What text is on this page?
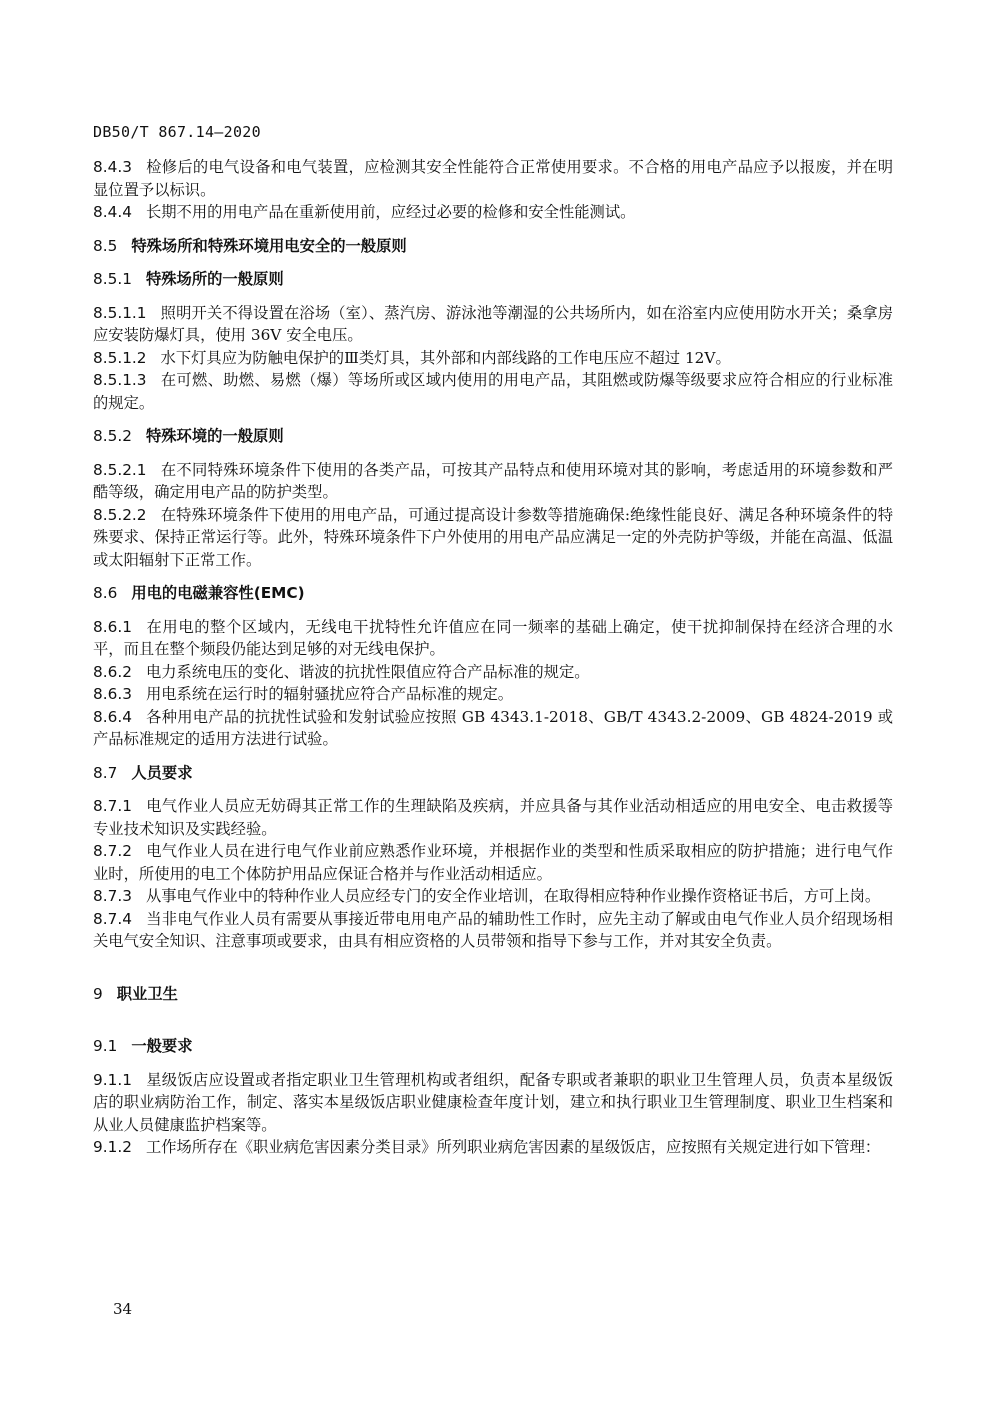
DB50/T 867.14—2020

8.4.3 检修后的电气设备和电气装置，应检测其安全性能符合正常使用要求。不合格的用电产品应予以报废，并在明显位置予以标识。

8.4.4 长期不用的用电产品在重新使用前，应经过必要的检修和安全性能测试。

8.5 特殊场所和特殊环境用电安全的一般原则

8.5.1 特殊场所的一般原则

8.5.1.1 照明开关不得设置在浴场（室）、蒸汽房、游泳池等潮湿的公共场所内，如在浴室内应使用防水开关；桑拿房应安装防爆灯具，使用 36V 安全电压。

8.5.1.2 水下灯具应为防触电保护的Ⅲ类灯具，其外部和内部线路的工作电压应不超过 12V。

8.5.1.3 在可燃、助燃、易燃（爆）等场所或区域内使用的用电产品，其阻燃或防爆等级要求应符合相应的行业标准的规定。

8.5.2 特殊环境的一般原则

8.5.2.1 在不同特殊环境条件下使用的各类产品，可按其产品特点和使用环境对其的影响，考虑适用的环境参数和严酷等级，确定用电产品的防护类型。

8.5.2.2 在特殊环境条件下使用的用电产品，可通过提高设计参数等措施确保:绝缘性能良好、满足各种环境条件的特殊要求、保持正常运行等。此外，特殊环境条件下户外使用的用电产品应满足一定的外壳防护等级，并能在高温、低温或太阳辐射下正常工作。

8.6 用电的电磁兼容性(EMC)

8.6.1 在用电的整个区域内，无线电干扰特性允许值应在同一频率的基础上确定，使干扰抑制保持在经济合理的水平，而且在整个频段仍能达到足够的对无线电保护。

8.6.2 电力系统电压的变化、谐波的抗扰性限值应符合产品标准的规定。

8.6.3 用电系统在运行时的辐射骚扰应符合产品标准的规定。

8.6.4 各种用电产品的抗扰性试验和发射试验应按照 GB 4343.1-2018、GB/T 4343.2-2009、GB 4824-2019 或产品标准规定的适用方法进行试验。

8.7 人员要求

8.7.1 电气作业人员应无妨碍其正常工作的生理缺陷及疾病，并应具备与其作业活动相适应的用电安全、电击救援等专业技术知识及实践经验。

8.7.2 电气作业人员在进行电气作业前应熟悉作业环境，并根据作业的类型和性质采取相应的防护措施；进行电气作业时，所使用的电工个体防护用品应保证合格并与作业活动相适应。

8.7.3 从事电气作业中的特种作业人员应经专门的安全作业培训，在取得相应特种作业操作资格证书后，方可上岗。

8.7.4 当非电气作业人员有需要从事接近带电用电产品的辅助性工作时，应先主动了解或由电气作业人员介绍现场相关电气安全知识、注意事项或要求，由具有相应资格的人员带领和指导下参与工作，并对其安全负责。

9 职业卫生

9.1 一般要求

9.1.1 星级饭店应设置或者指定职业卫生管理机构或者组织，配备专职或者兼职的职业卫生管理人员，负责本星级饭店的职业病防治工作，制定、落实本星级饭店职业健康检查年度计划，建立和执行职业卫生管理制度、职业卫生档案和从业人员健康监护档案等。

9.1.2 工作场所存在《职业病危害因素分类目录》所列职业病危害因素的星级饭店，应按照有关规定进行如下管理：

34
